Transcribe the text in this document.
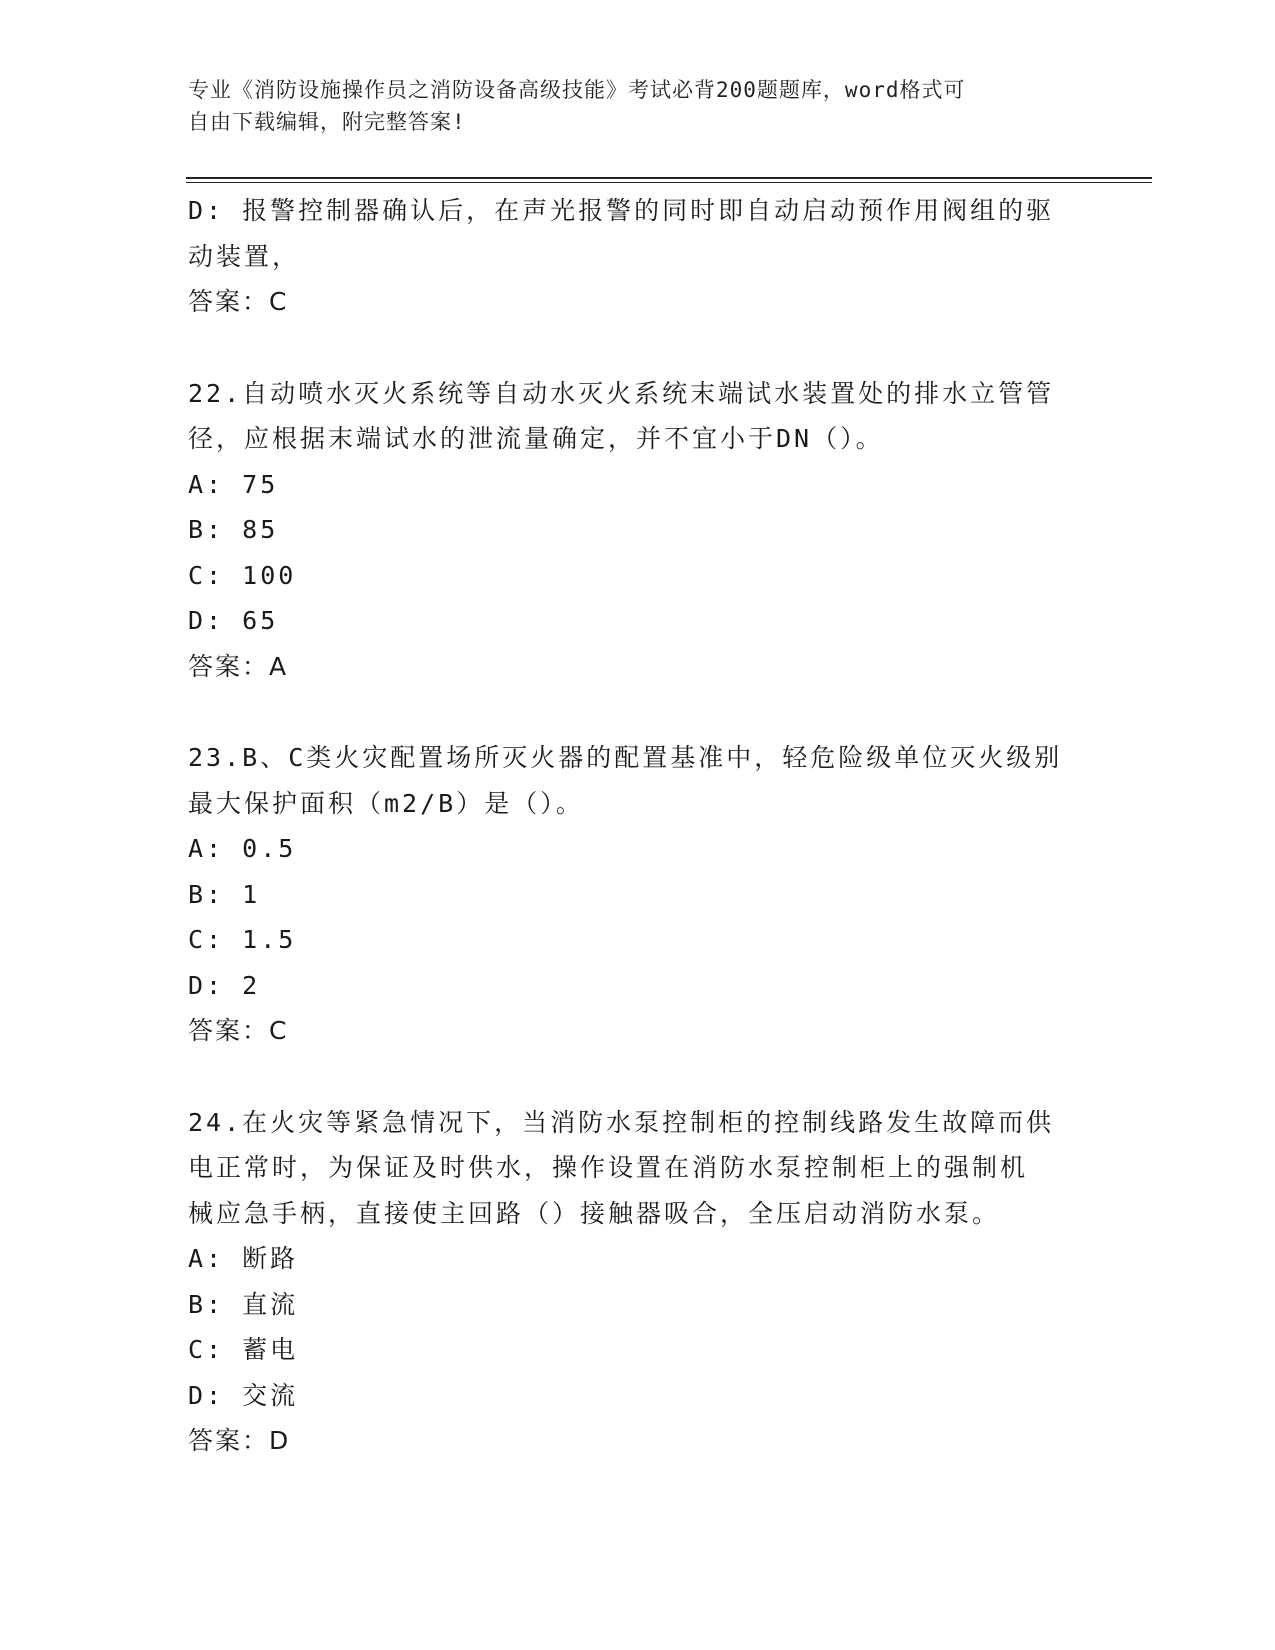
专业《消防设施操作员之消防设备高级技能》考试必背200题题库，word格式可
自由下载编辑，附完整答案!
D: 报警控制器确认后，在声光报警的同时即自动启动预作用阀组的驱
动装置，
答案：C
22.自动喷水灭火系统等自动水灭火系统末端试水装置处的排水立管管
径，应根据末端试水的泄流量确定，并不宜小于DN（）。
A: 75
B: 85
C: 100
D: 65
答案：A
23.B、C类火灾配置场所灭火器的配置基准中，轻危险级单位灭火级别
最大保护面积（m2/B）是（）。
A: 0.5
B: 1
C: 1.5
D: 2
答案：C
24.在火灾等紧急情况下，当消防水泵控制柜的控制线路发生故障而供
电正常时，为保证及时供水，操作设置在消防水泵控制柜上的强制机
械应急手柄，直接使主回路（）接触器吸合，全压启动消防水泵。
A: 断路
B: 直流
C: 蓄电
D: 交流
答案：D
